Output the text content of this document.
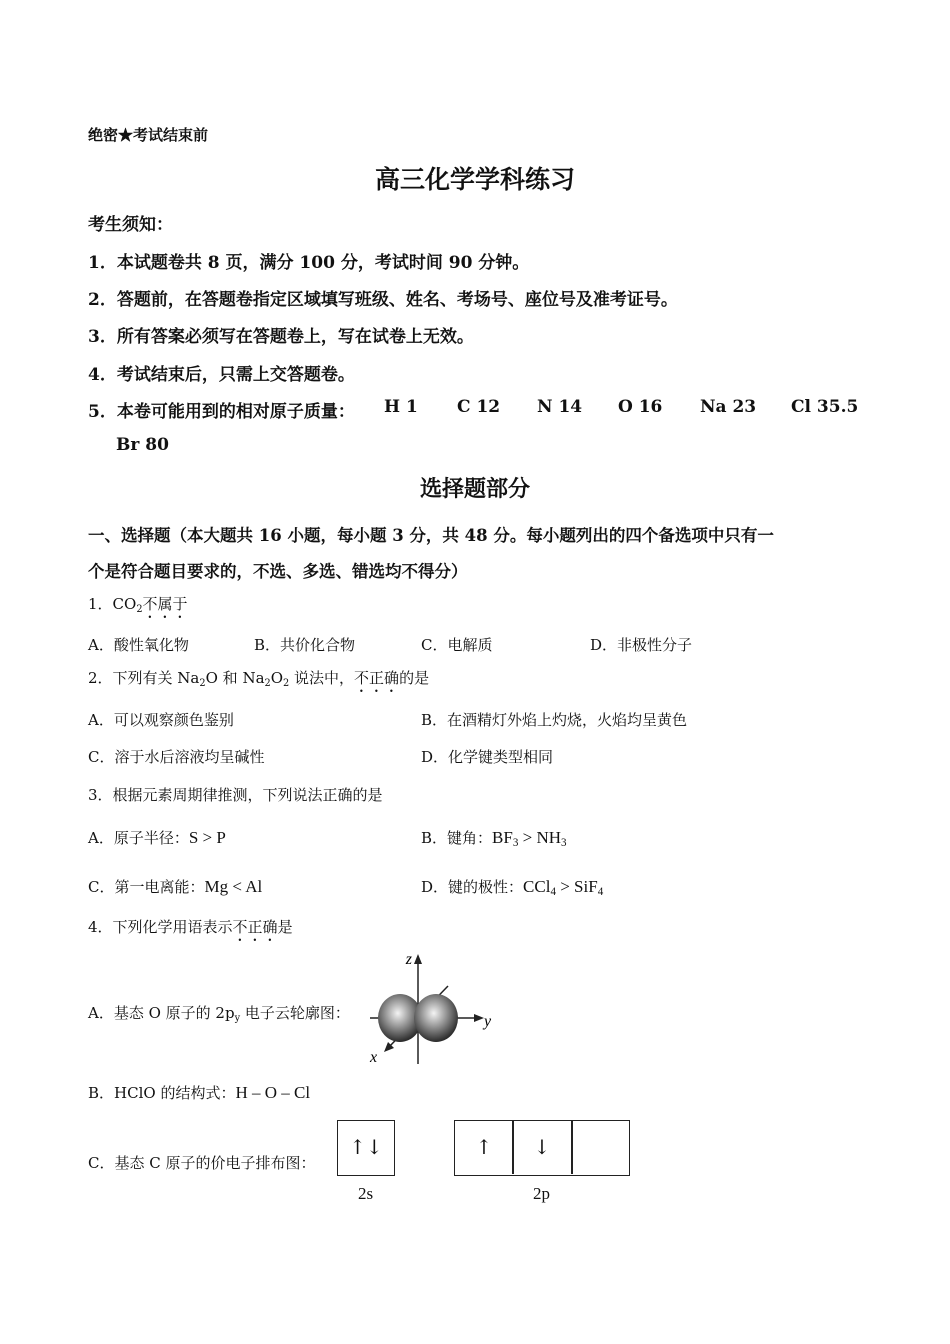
绝密★考试结束前
高三化学学科练习
考生须知：
1．本试题卷共 8 页，满分 100 分，考试时间 90 分钟。
2．答题前，在答题卷指定区域填写班级、姓名、考场号、座位号及准考证号。
3．所有答案必须写在答题卷上，写在试卷上无效。
4．考试结束后，只需上交答题卷。
5．本卷可能用到的相对原子质量： H 1 C 12 N 14 O 16 Na 23 Cl 35.5
Br 80
选择题部分
一、选择题（本大题共 16 小题，每小题 3 分，共 48 分。每小题列出的四个备选项中只有一
个是符合题目要求的，不选、多选、错选均不得分）
1．$CO_2$不属于
A．酸性氧化物	B．共价化合物	C．电解质	D．非极性分子
2．下列有关 $Na_2O$ 和 $Na_2O_2$ 说法中，不正确的是
A．可以观察颜色鉴别	B．在酒精灯外焰上灼烧，火焰均呈黄色
C．溶于水后溶液均呈碱性	D．化学键类型相同
3．根据元素周期律推测，下列说法正确的是
A．原子半径：S > P	B．键角：$BF_3 > NH_3$
C．第一电离能：Mg < Al	D．键的极性：CCl$_4$ > SiF$_4$
4．下列化学用语表示不正确是
A．基态 O 原子的 $2p_y$ 电子云轮廓图：
z
y
x
B．HClO 的结构式：H – O – Cl
C．基态 C 原子的价电子排布图：
↑↓	↑	↓
2s	2p
